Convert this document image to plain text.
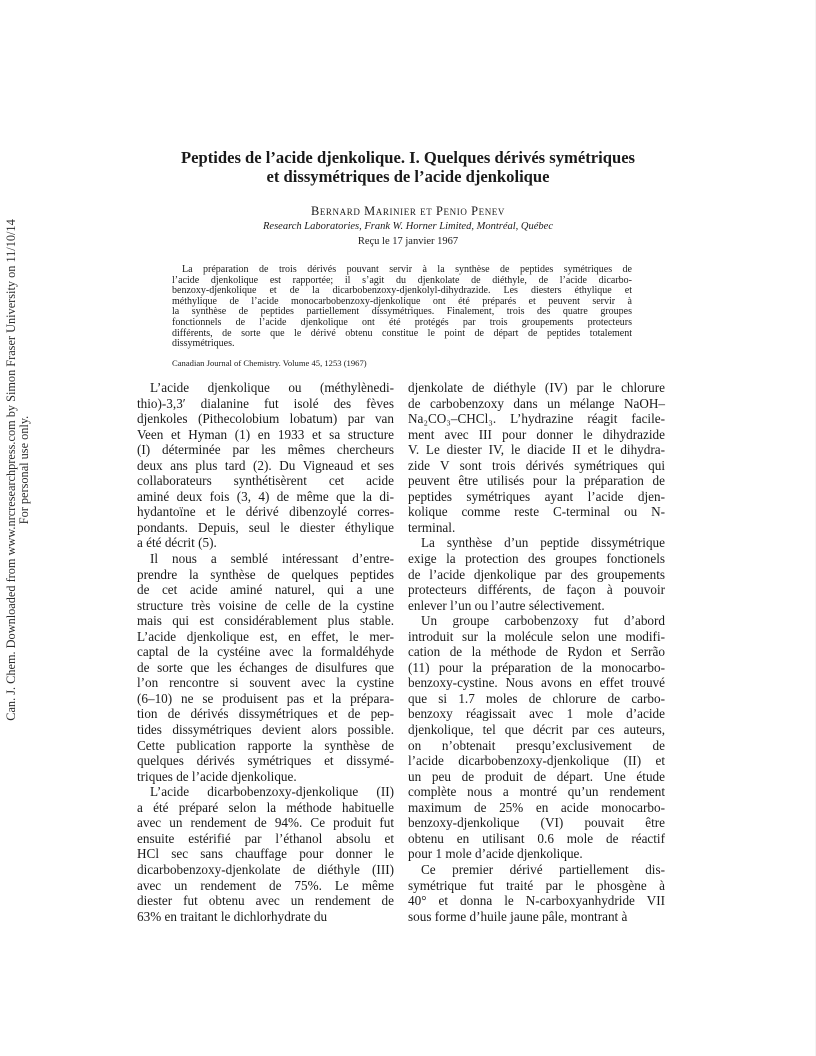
Can. J. Chem. Downloaded from www.nrcresearchpress.com by Simon Fraser University on 11/10/14 For personal use only.
Peptides de l’acide djenkolique. I. Quelques dérivés symétriques
et dissymétriques de l’acide djenkolique
Bernard Marinier et Penio Penev
Research Laboratories, Frank W. Horner Limited, Montréal, Québec
Reçu le 17 janvier 1967
La préparation de trois dérivés pouvant servir à la synthèse de peptides symétriques de
l’acide djenkolique est rapportée; il s’agit du djenkolate de diéthyle, de l’acide dicarbo-
benzoxy-djenkolique et de la dicarbobenzoxy-djenkolyl-dihydrazide. Les diesters éthylique et
méthylique de l’acide monocarbobenzoxy-djenkolique ont été préparés et peuvent servir à
la synthèse de peptides partiellement dissymétriques. Finalement, trois des quatre groupes
fonctionnels de l’acide djenkolique ont été protégés par trois groupements protecteurs
différents, de sorte que le dérivé obtenu constitue le point de départ de peptides totalement
dissymétriques.
Canadian Journal of Chemistry. Volume 45, 1253 (1967)
L’acide djenkolique ou (méthylènedi-
thio)-3,3′ dialanine fut isolé des fèves
djenkoles (Pithecolobium lobatum) par van
Veen et Hyman (1) en 1933 et sa structure
(I) déterminée par les mêmes chercheurs
deux ans plus tard (2). Du Vigneaud et ses
collaborateurs synthétisèrent cet acide
aminé deux fois (3, 4) de même que la di-
hydantoïne et le dérivé dibenzoylé corres-
pondants. Depuis, seul le diester éthylique
a été décrit (5).
Il nous a semblé intéressant d’entre-
prendre la synthèse de quelques peptides
de cet acide aminé naturel, qui a une
structure très voisine de celle de la cystine
mais qui est considérablement plus stable.
L’acide djenkolique est, en effet, le mer-
captal de la cystéine avec la formaldéhyde
de sorte que les échanges de disulfures que
l’on rencontre si souvent avec la cystine
(6–10) ne se produisent pas et la prépara-
tion de dérivés dissymétriques et de pep-
tides dissymétriques devient alors possible.
Cette publication rapporte la synthèse de
quelques dérivés symétriques et dissymé-
triques de l’acide djenkolique.
L’acide dicarbobenzoxy-djenkolique (II)
a été préparé selon la méthode habituelle
avec un rendement de 94%. Ce produit fut
ensuite estérifié par l’éthanol absolu et
HCl sec sans chauffage pour donner le
dicarbobenzoxy-djenkolate de diéthyle (III)
avec un rendement de 75%. Le même
diester fut obtenu avec un rendement de
63% en traitant le dichlorhydrate du
djenkolate de diéthyle (IV) par le chlorure
de carbobenzoxy dans un mélange NaOH–
Na₂CO₃–CHCl₃. L’hydrazine réagit facile-
ment avec III pour donner le dihydrazide
V. Le diester IV, le diacide II et le dihydra-
zide V sont trois dérivés symétriques qui
peuvent être utilisés pour la préparation de
peptides symétriques ayant l’acide djen-
kolique comme reste C-terminal ou N-
terminal.
La synthèse d’un peptide dissymétrique
exige la protection des groupes fonctionels
de l’acide djenkolique par des groupements
protecteurs différents, de façon à pouvoir
enlever l’un ou l’autre sélectivement.
Un groupe carbobenzoxy fut d’abord
introduit sur la molécule selon une modifi-
cation de la méthode de Rydon et Serrão
(11) pour la préparation de la monocarbo-
benzoxy-cystine. Nous avons en effet trouvé
que si 1.7 moles de chlorure de carbo-
benzoxy réagissait avec 1 mole d’acide
djenkolique, tel que décrit par ces auteurs,
on n’obtenait presqu’exclusivement de
l’acide dicarbobenzoxy-djenkolique (II) et
un peu de produit de départ. Une étude
complète nous a montré qu’un rendement
maximum de 25% en acide monocarbo-
benzoxy-djenkolique (VI) pouvait être
obtenu en utilisant 0.6 mole de réactif
pour 1 mole d’acide djenkolique.
Ce premier dérivé partiellement dis-
symétrique fut traité par le phosgène à
40° et donna le N-carboxyanhydride VII
sous forme d’huile jaune pâle, montrant à
